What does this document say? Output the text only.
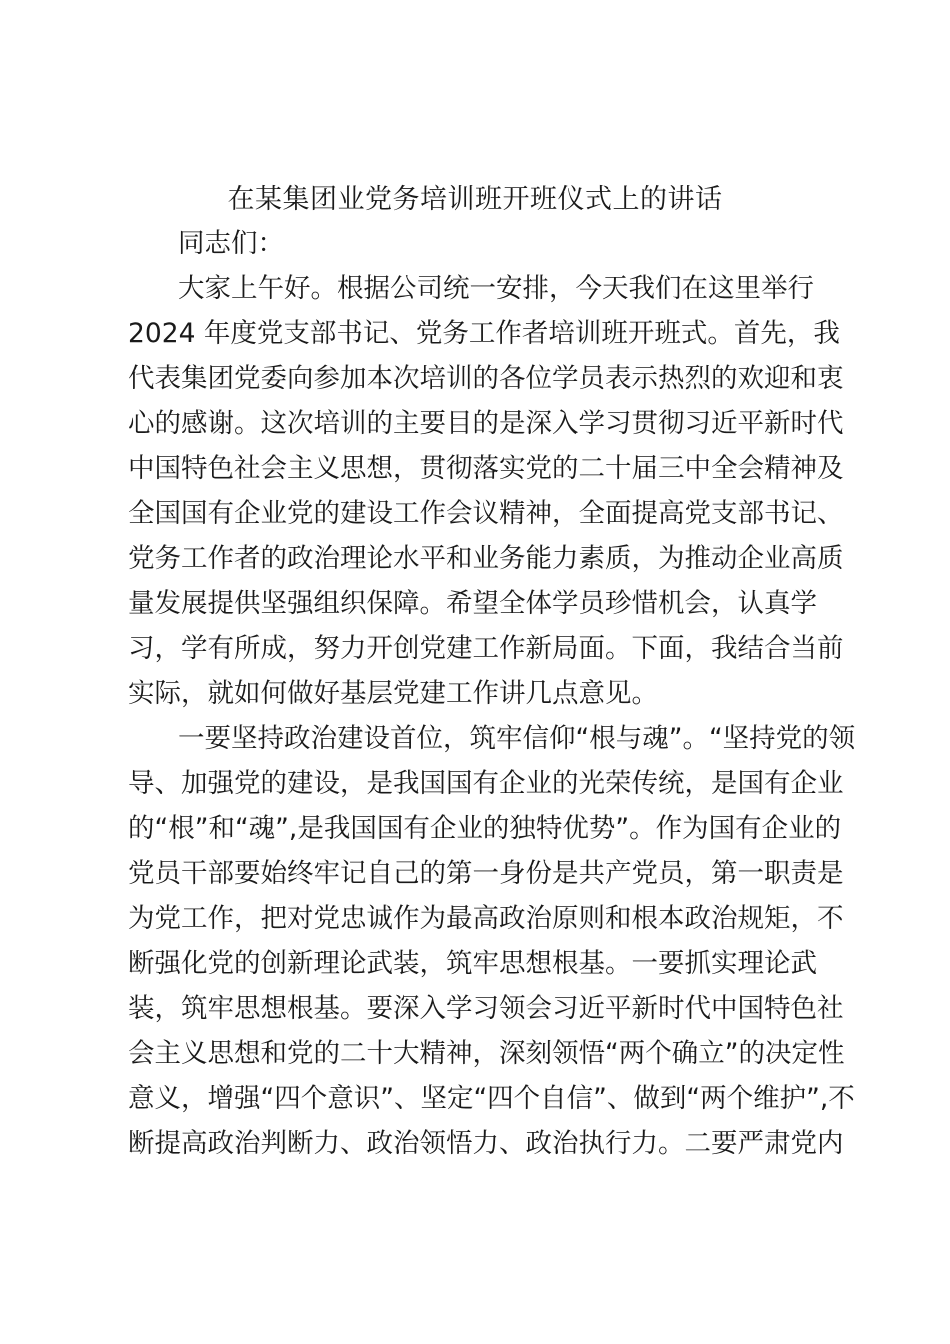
在某集团业党务培训班开班仪式上的讲话

同志们：

大家上午好。根据公司统一安排，今天我们在这里举行

2024 年度党支部书记、党务工作者培训班开班式。首先，我

代表集团党委向参加本次培训的各位学员表示热烈的欢迎和衷

心的感谢。这次培训的主要目的是深入学习贯彻习近平新时代

中国特色社会主义思想，贯彻落实党的二十届三中全会精神及

全国国有企业党的建设工作会议精神，全面提高党支部书记、

党务工作者的政治理论水平和业务能力素质，为推动企业高质

量发展提供坚强组织保障。希望全体学员珍惜机会，认真学

习，学有所成，努力开创党建工作新局面。下面，我结合当前

实际，就如何做好基层党建工作讲几点意见。

一要坚持政治建设首位，筑牢信仰“根与魂”。“坚持党的领

导、加强党的建设，是我国国有企业的光荣传统，是国有企业

的“根”和“魂”,是我国国有企业的独特优势”。作为国有企业的

党员干部要始终牢记自己的第一身份是共产党员，第一职责是

为党工作，把对党忠诚作为最高政治原则和根本政治规矩，不

断强化党的创新理论武装，筑牢思想根基。一要抓实理论武

装，筑牢思想根基。要深入学习领会习近平新时代中国特色社

会主义思想和党的二十大精神，深刻领悟“两个确立”的决定性

意义，增强“四个意识”、坚定“四个自信”、做到“两个维护”,不

断提高政治判断力、政治领悟力、政治执行力。二要严肃党内
